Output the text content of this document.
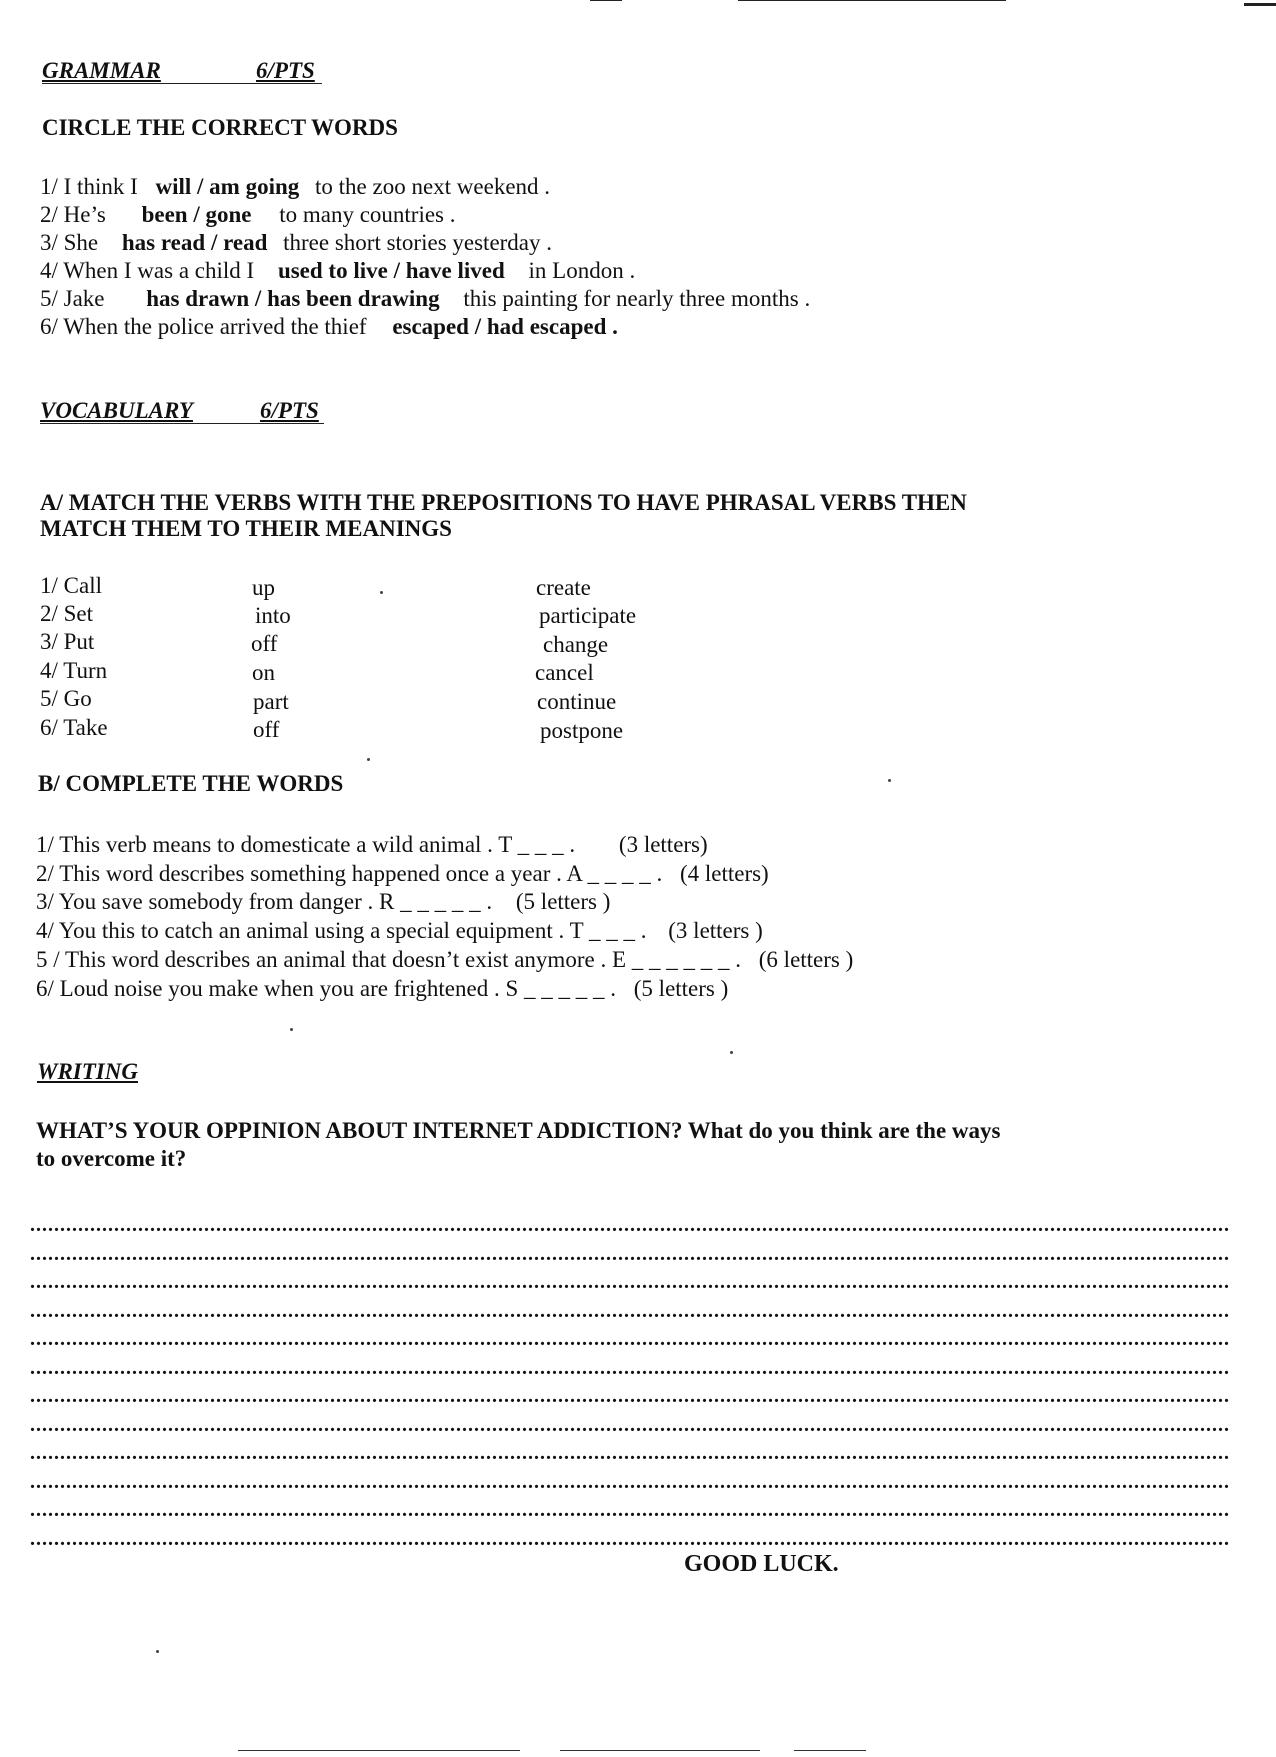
GRAMMAR	6/PTS
CIRCLE THE CORRECT WORDS
1/ I think I will / am going to the zoo next weekend .
2/ He’s been / gone to many countries .
3/ She has read / read three short stories yesterday .
4/ When I was a child I used to live / have lived in London .
5/ Jake has drawn / has been drawing this painting for nearly three months .
6/ When the police arrived the thief escaped / had escaped .
VOCABULARY	6/PTS
A/ MATCH THE VERBS WITH THE PREPOSITIONS TO HAVE PHRASAL VERBS THEN
MATCH THEM TO THEIR MEANINGS
1/ Call
2/ Set
3/ Put
4/ Turn
5/ Go
6/ Take
up
into
off
on
part
off
create
participate
change
cancel
continue
postpone
B/ COMPLETE THE WORDS
1/ This verb means to domesticate a wild animal . T _ _ _ . (3 letters)
2/ This word describes something happened once a year . A _ _ _ _ . (4 letters)
3/ You save somebody from danger . R _ _ _ _ _ . (5 letters )
4/ You this to catch an animal using a special equipment . T _ _ _ . (3 letters )
5 / This word describes an animal that doesn’t exist anymore . E _ _ _ _ _ _ . (6 letters )
6/ Loud noise you make when you are frightened . S _ _ _ _ _ . (5 letters )
WRITING
WHAT’S YOUR OPPINION ABOUT INTERNET ADDICTION? What do you think are the ways
to overcome it?
........................................................................................................................................................................................................
........................................................................................................................................................................................................
........................................................................................................................................................................................................
........................................................................................................................................................................................................
........................................................................................................................................................................................................
........................................................................................................................................................................................................
........................................................................................................................................................................................................
........................................................................................................................................................................................................
........................................................................................................................................................................................................
........................................................................................................................................................................................................
........................................................................................................................................................................................................
........................................................................................................................................................................................................
GOOD LUCK.
